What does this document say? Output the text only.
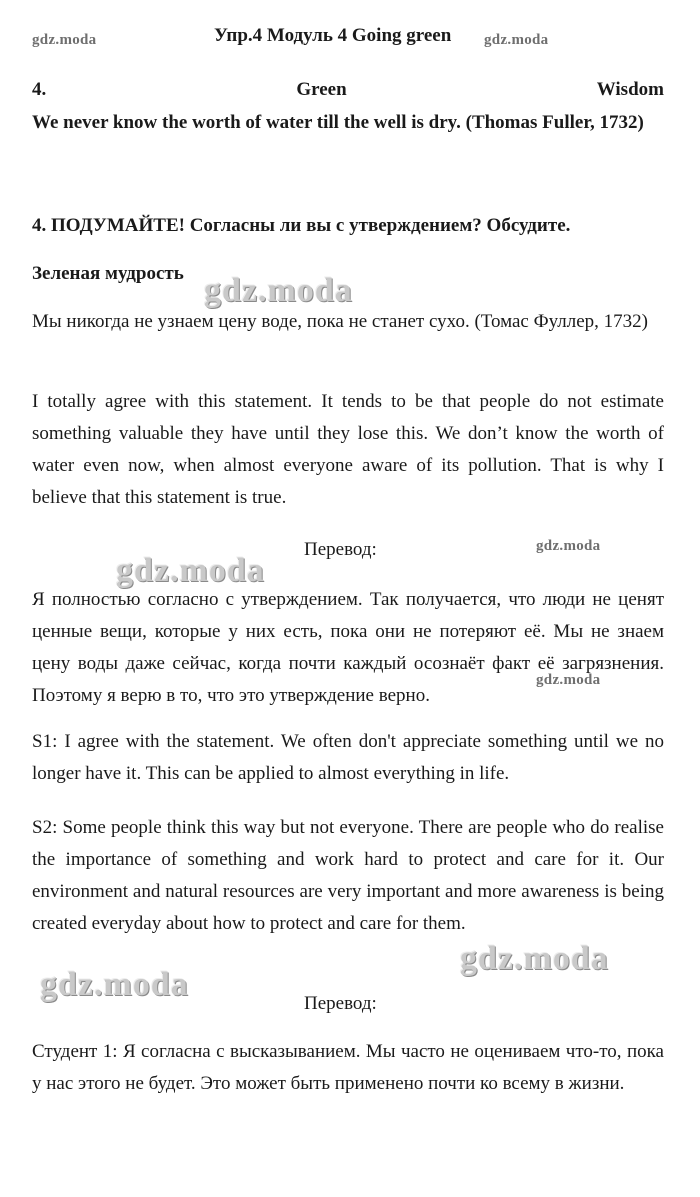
gdz.moda	Упр.4 Модуль 4 Going green gdz.moda
4.	Green	Wisdom

We never know the worth of water till the well is dry. (Thomas Fuller, 1732)

4. ПОДУМАЙТЕ! Согласны ли вы с утверждением? Обсудите.

Зеленая мудрость gdz.moda

Мы никогда не узнаем цену воде, пока не станет сухо. (Томас Фуллер, 1732)

I totally agree with this statement. It tends to be that people do not estimate something valuable they have until they lose this. We don’t know the worth of water even now, when almost everyone aware of its pollution. That is why I believe that this statement is true.

Перевод:	gdz.moda
gdz.moda

Я полностью согласно с утверждением. Так получается, что люди не ценят ценные вещи, которые у них есть, пока они не потеряют её. Мы не знаем цену воды даже сейчас, когда почти каждый осознаёт факт её загрязнения. Поэтому я верю в то, что это утверждение верно.

gdz.moda

S1: I agree with the statement. We often don't appreciate something until we no longer have it. This can be applied to almost everything in life.

S2: Some people think this way but not everyone. There are people who do realise the importance of something and work hard to protect and care for it. Our environment and natural resources are very important and more awareness is being created everyday about how to protect and care for them.

gdz.moda
gdz.moda
Перевод:

Студент 1: Я согласна с высказыванием. Мы часто не оцениваем что-то, пока у нас этого не будет. Это может быть применено почти ко всему в жизни.
